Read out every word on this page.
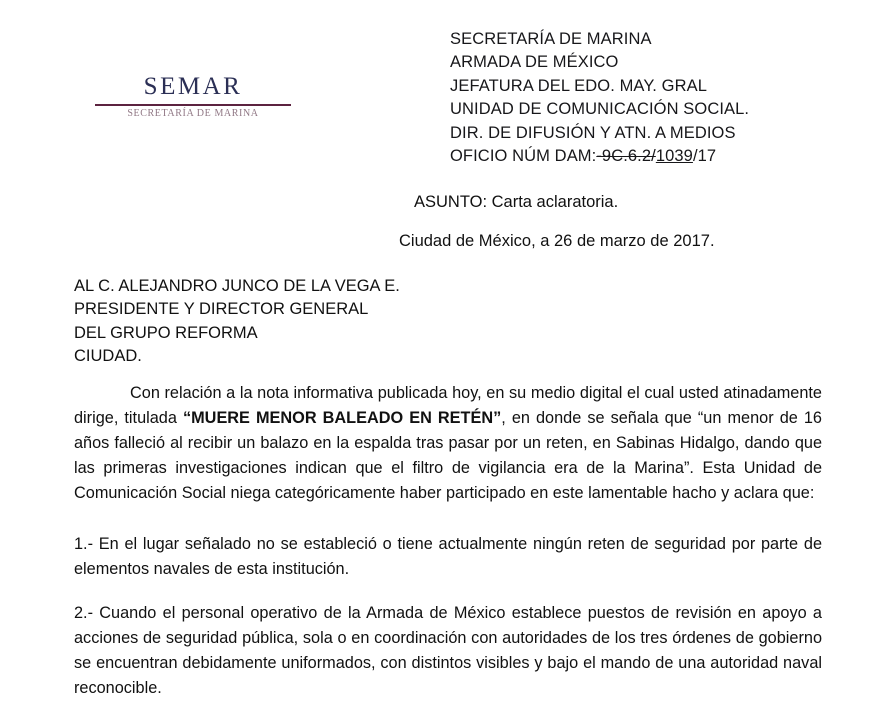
SEMAR
SECRETARÍA DE MARINA
SECRETARÍA DE MARINA
ARMADA DE MÉXICO
JEFATURA DEL EDO. MAY. GRAL
UNIDAD DE COMUNICACIÓN SOCIAL.
DIR. DE DIFUSIÓN Y ATN. A MEDIOS
OFICIO NÚM DAM:-9C.6.2/1039/17
ASUNTO: Carta aclaratoria.
Ciudad de México, a 26 de marzo de 2017.
AL C. ALEJANDRO JUNCO DE LA VEGA E.
PRESIDENTE Y DIRECTOR GENERAL
DEL GRUPO REFORMA
CIUDAD.

Con relación a la nota informativa publicada hoy, en su medio digital el cual usted atinadamente dirige, titulada “MUERE MENOR BALEADO EN RETÉN”, en donde se señala que “un menor de 16 años falleció al recibir un balazo en la espalda tras pasar por un reten, en Sabinas Hidalgo, dando que las primeras investigaciones indican que el filtro de vigilancia era de la Marina”. Esta Unidad de Comunicación Social niega categóricamente haber participado en este lamentable hacho y aclara que:

1.- En el lugar señalado no se estableció o tiene actualmente ningún reten de seguridad por parte de elementos navales de esta institución.

2.- Cuando el personal operativo de la Armada de México establece puestos de revisión en apoyo a acciones de seguridad pública, sola o en coordinación con autoridades de los tres órdenes de gobierno se encuentran debidamente uniformados, con distintos visibles y bajo el mando de una autoridad naval reconocible.
